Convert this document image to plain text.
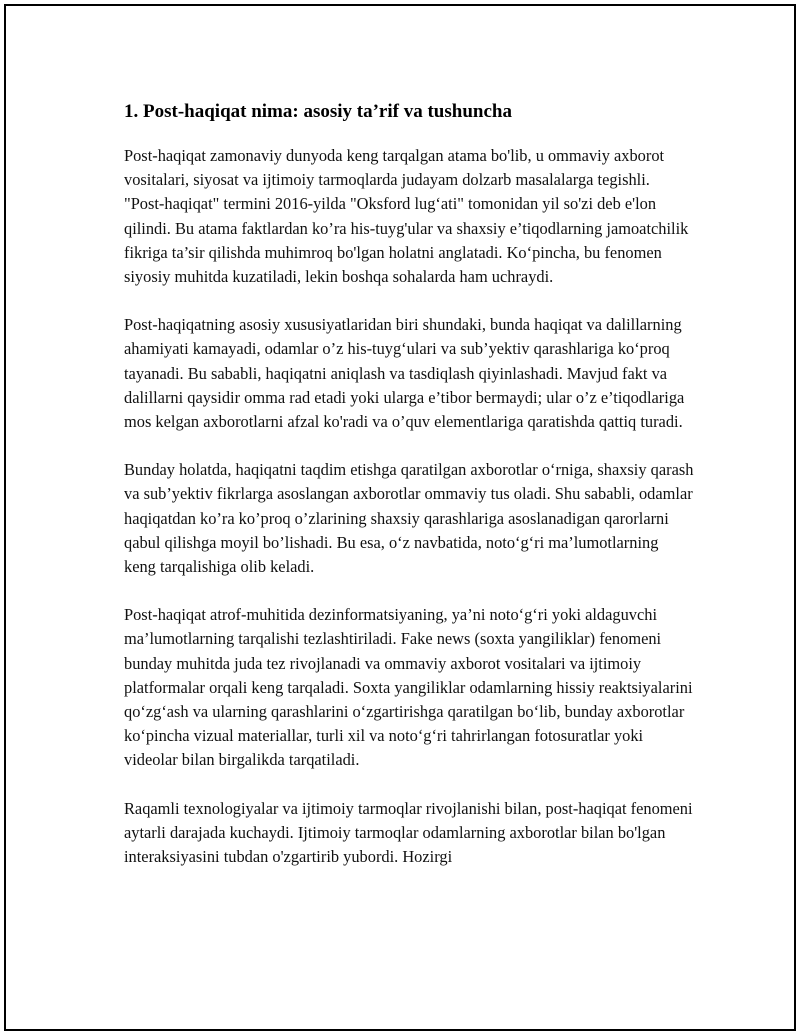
1. Post-haqiqat nima: asosiy ta’rif va tushuncha

Post-haqiqat zamonaviy dunyoda keng tarqalgan atama bo'lib, u ommaviy axborot vositalari, siyosat va ijtimoiy tarmoqlarda judayam dolzarb masalalarga tegishli. "Post-haqiqat" termini 2016-yilda "Oksford lug‘ati" tomonidan yil so'zi deb e'lon qilindi. Bu atama faktlardan ko’ra his-tuyg'ular va shaxsiy e’tiqodlarning jamoatchilik fikriga ta’sir qilishda muhimroq bo'lgan holatni anglatadi. Ko‘pincha, bu fenomen siyosiy muhitda kuzatiladi, lekin boshqa sohalarda ham uchraydi.

Post-haqiqatning asosiy xususiyatlaridan biri shundaki, bunda haqiqat va dalillarning ahamiyati kamayadi, odamlar o’z his-tuyg‘ulari va sub’yektiv qarashlariga ko‘proq tayanadi. Bu sababli, haqiqatni aniqlash va tasdiqlash qiyinlashadi. Mavjud fakt va dalillarni qaysidir omma rad etadi yoki ularga e’tibor bermaydi; ular o’z e’tiqodlariga mos kelgan axborotlarni afzal ko'radi va o’quv elementlariga qaratishda qattiq turadi.

Bunday holatda, haqiqatni taqdim etishga qaratilgan axborotlar o‘rniga, shaxsiy qarash va sub’yektiv fikrlarga asoslangan axborotlar ommaviy tus oladi. Shu sababli, odamlar haqiqatdan ko’ra ko’proq o’zlarining shaxsiy qarashlariga asoslanadigan qarorlarni qabul qilishga moyil bo’lishadi. Bu esa, o‘z navbatida, noto‘g‘ri ma’lumotlarning keng tarqalishiga olib keladi.

Post-haqiqat atrof-muhitida dezinformatsiyaning, ya’ni noto‘g‘ri yoki aldaguvchi ma’lumotlarning tarqalishi tezlashtiriladi. Fake news (soxta yangiliklar) fenomeni bunday muhitda juda tez rivojlanadi va ommaviy axborot vositalari va ijtimoiy platformalar orqali keng tarqaladi. Soxta yangiliklar odamlarning hissiy reaktsiyalarini qo‘zg‘ash va ularning qarashlarini o‘zgartirishga qaratilgan bo‘lib, bunday axborotlar ko‘pincha vizual materiallar, turli xil va noto‘g‘ri tahrirlangan fotosuratlar yoki videolar bilan birgalikda tarqatiladi.

Raqamli texnologiyalar va ijtimoiy tarmoqlar rivojlanishi bilan, post-haqiqat fenomeni aytarli darajada kuchaydi. Ijtimoiy tarmoqlar odamlarning axborotlar bilan bo'lgan interaksiyasini tubdan o'zgartirib yubordi. Hozirgi
